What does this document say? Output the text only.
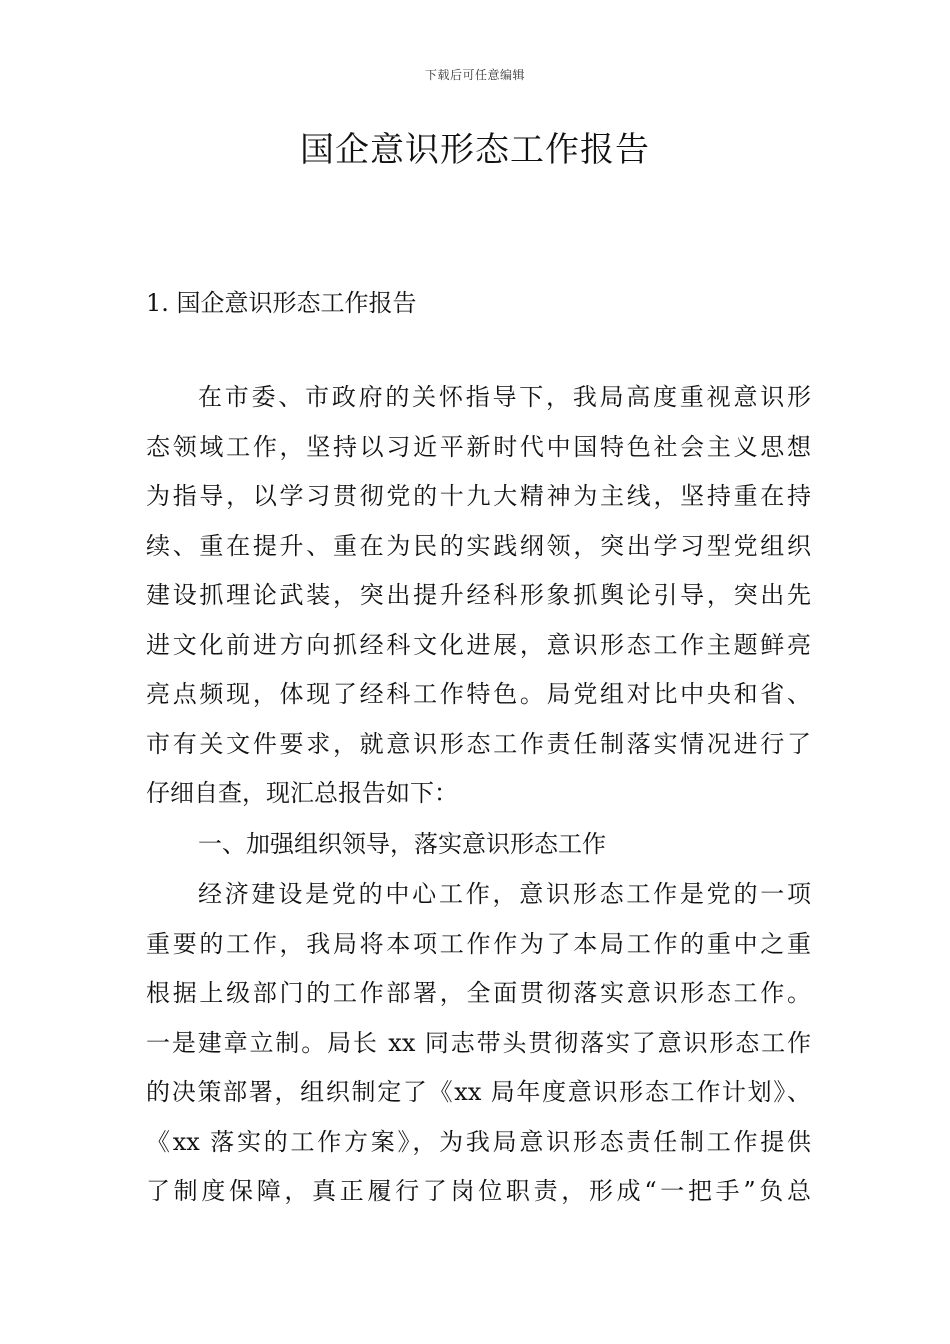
下载后可任意编辑
国企意识形态工作报告
1. 国企意识形态工作报告
在市委、市政府的关怀指导下，我局高度重视意识形
态领域工作，坚持以习近平新时代中国特色社会主义思想
为指导，以学习贯彻党的十九大精神为主线，坚持重在持
续、重在提升、重在为民的实践纲领，突出学习型党组织
建设抓理论武装，突出提升经科形象抓舆论引导，突出先
进文化前进方向抓经科文化进展，意识形态工作主题鲜亮
亮点频现，体现了经科工作特色。局党组对比中央和省、
市有关文件要求，就意识形态工作责任制落实情况进行了
仔细自查，现汇总报告如下：
一、加强组织领导，落实意识形态工作
经济建设是党的中心工作，意识形态工作是党的一项
重要的工作，我局将本项工作作为了本局工作的重中之重
根据上级部门的工作部署，全面贯彻落实意识形态工作。
一是建章立制。局长 xx 同志带头贯彻落实了意识形态工作
的决策部署，组织制定了《xx 局年度意识形态工作计划》、
《xx 落实的工作方案》，为我局意识形态责任制工作提供
了制度保障，真正履行了岗位职责，形成“一把手”负总
